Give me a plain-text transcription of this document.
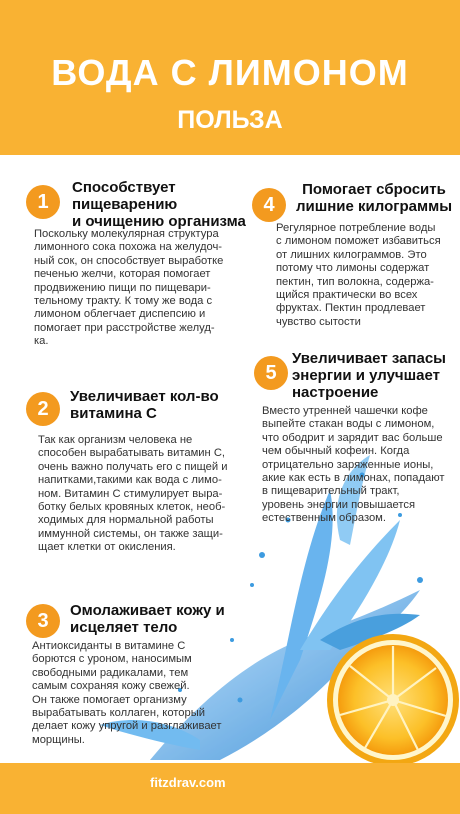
ВОДА С ЛИМОНОМ
ПОЛЬЗА
1
Способствует
пищеварению
и очищению организма
Поскольку молекулярная структура
лимонного сока похожа на желудоч-
ный сок, он способствует выработке
печенью желчи, которая помогает
продвижению пищи по пищевари-
тельному тракту. К тому же вода с
лимоном облегчает диспепсию и
помогает при расстройстве желуд-
ка.
4
Помогает сбросить
лишние килограммы
Регулярное потребление воды
с лимоном поможет избавиться
от лишних килограммов. Это
потому что лимоны содержат
пектин, тип волокна, содержа-
щийся практически во всех
фруктах. Пектин продлевает
чувство сытости
5
Увеличивает запасы
энергии и улучшает
настроение
Вместо утренней чашечки кофе
выпейте стакан воды с лимоном,
что ободрит и зарядит вас больше
чем обычный кофеин. Когда
отрицательно заряженные ионы,
акие как есть в лимонах, попадают
в пищеварительный тракт,
уровень энергии повышается
естественным образом.
2
Увеличивает кол-во
витамина С
Так как организм человека не
способен вырабатывать витамин С,
очень важно получать его с пищей и
напитками,такими как вода с лимо-
ном. Витамин С стимулирует выра-
ботку белых кровяных клеток, необ-
ходимых для нормальной работы
иммунной системы, он также защи-
щает клетки от окисления.
3	Омолаживает кожу и
исцеляет тело
Антиоксиданты в витамине С
борются с уроном, наносимым
свободными радикалами, тем
самым сохраняя кожу свежей.
Он также помогает организму
вырабатывать коллаген, который
делает кожу упругой и разглаживает
морщины.
fitzdrav.com
